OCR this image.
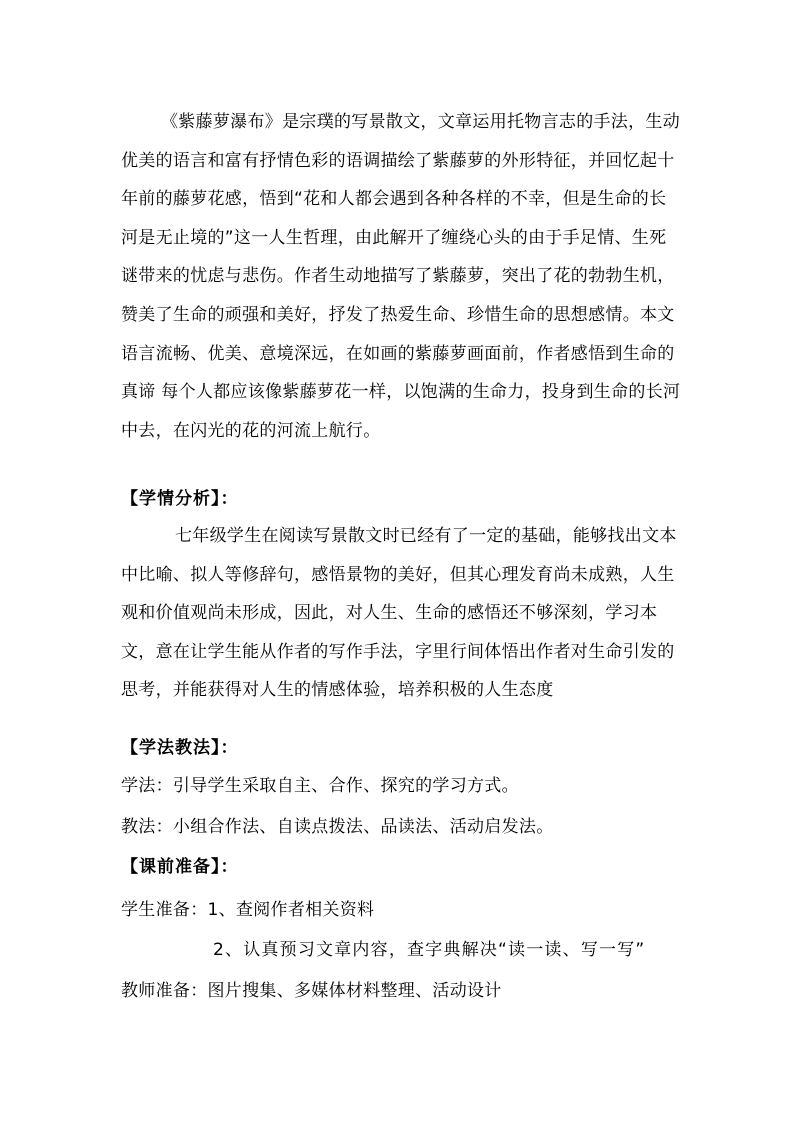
《紫藤萝瀑布》是宗璞的写景散文，文章运用托物言志的手法，生动优美的语言和富有抒情色彩的语调描绘了紫藤萝的外形特征，并回忆起十年前的藤萝花感，悟到“花和人都会遇到各种各样的不幸，但是生命的长河是无止境的”这一人生哲理，由此解开了缠绕心头的由于手足情、生死谜带来的忧虑与悲伤。作者生动地描写了紫藤萝，突出了花的勃勃生机，赞美了生命的顽强和美好，抒发了热爱生命、珍惜生命的思想感情。本文语言流畅、优美、意境深远，在如画的紫藤萝画面前，作者感悟到生命的真谛 每个人都应该像紫藤萝花一样，以饱满的生命力，投身到生命的长河中去，在闪光的花的河流上航行。

【学情分析】：

七年级学生在阅读写景散文时已经有了一定的基础，能够找出文本中比喻、拟人等修辞句，感悟景物的美好，但其心理发育尚未成熟，人生观和价值观尚未形成，因此，对人生、生命的感悟还不够深刻，学习本文，意在让学生能从作者的写作手法，字里行间体悟出作者对生命引发的思考，并能获得对人生的情感体验，培养积极的人生态度

【学法教法】：
学法：引导学生采取自主、合作、探究的学习方式。
教法：小组合作法、自读点拨法、品读法、活动启发法。
【课前准备】：
学生准备：1、查阅作者相关资料
2、认真预习文章内容，查字典解决“读一读、写一写”
教师准备：图片搜集、多媒体材料整理、活动设计
